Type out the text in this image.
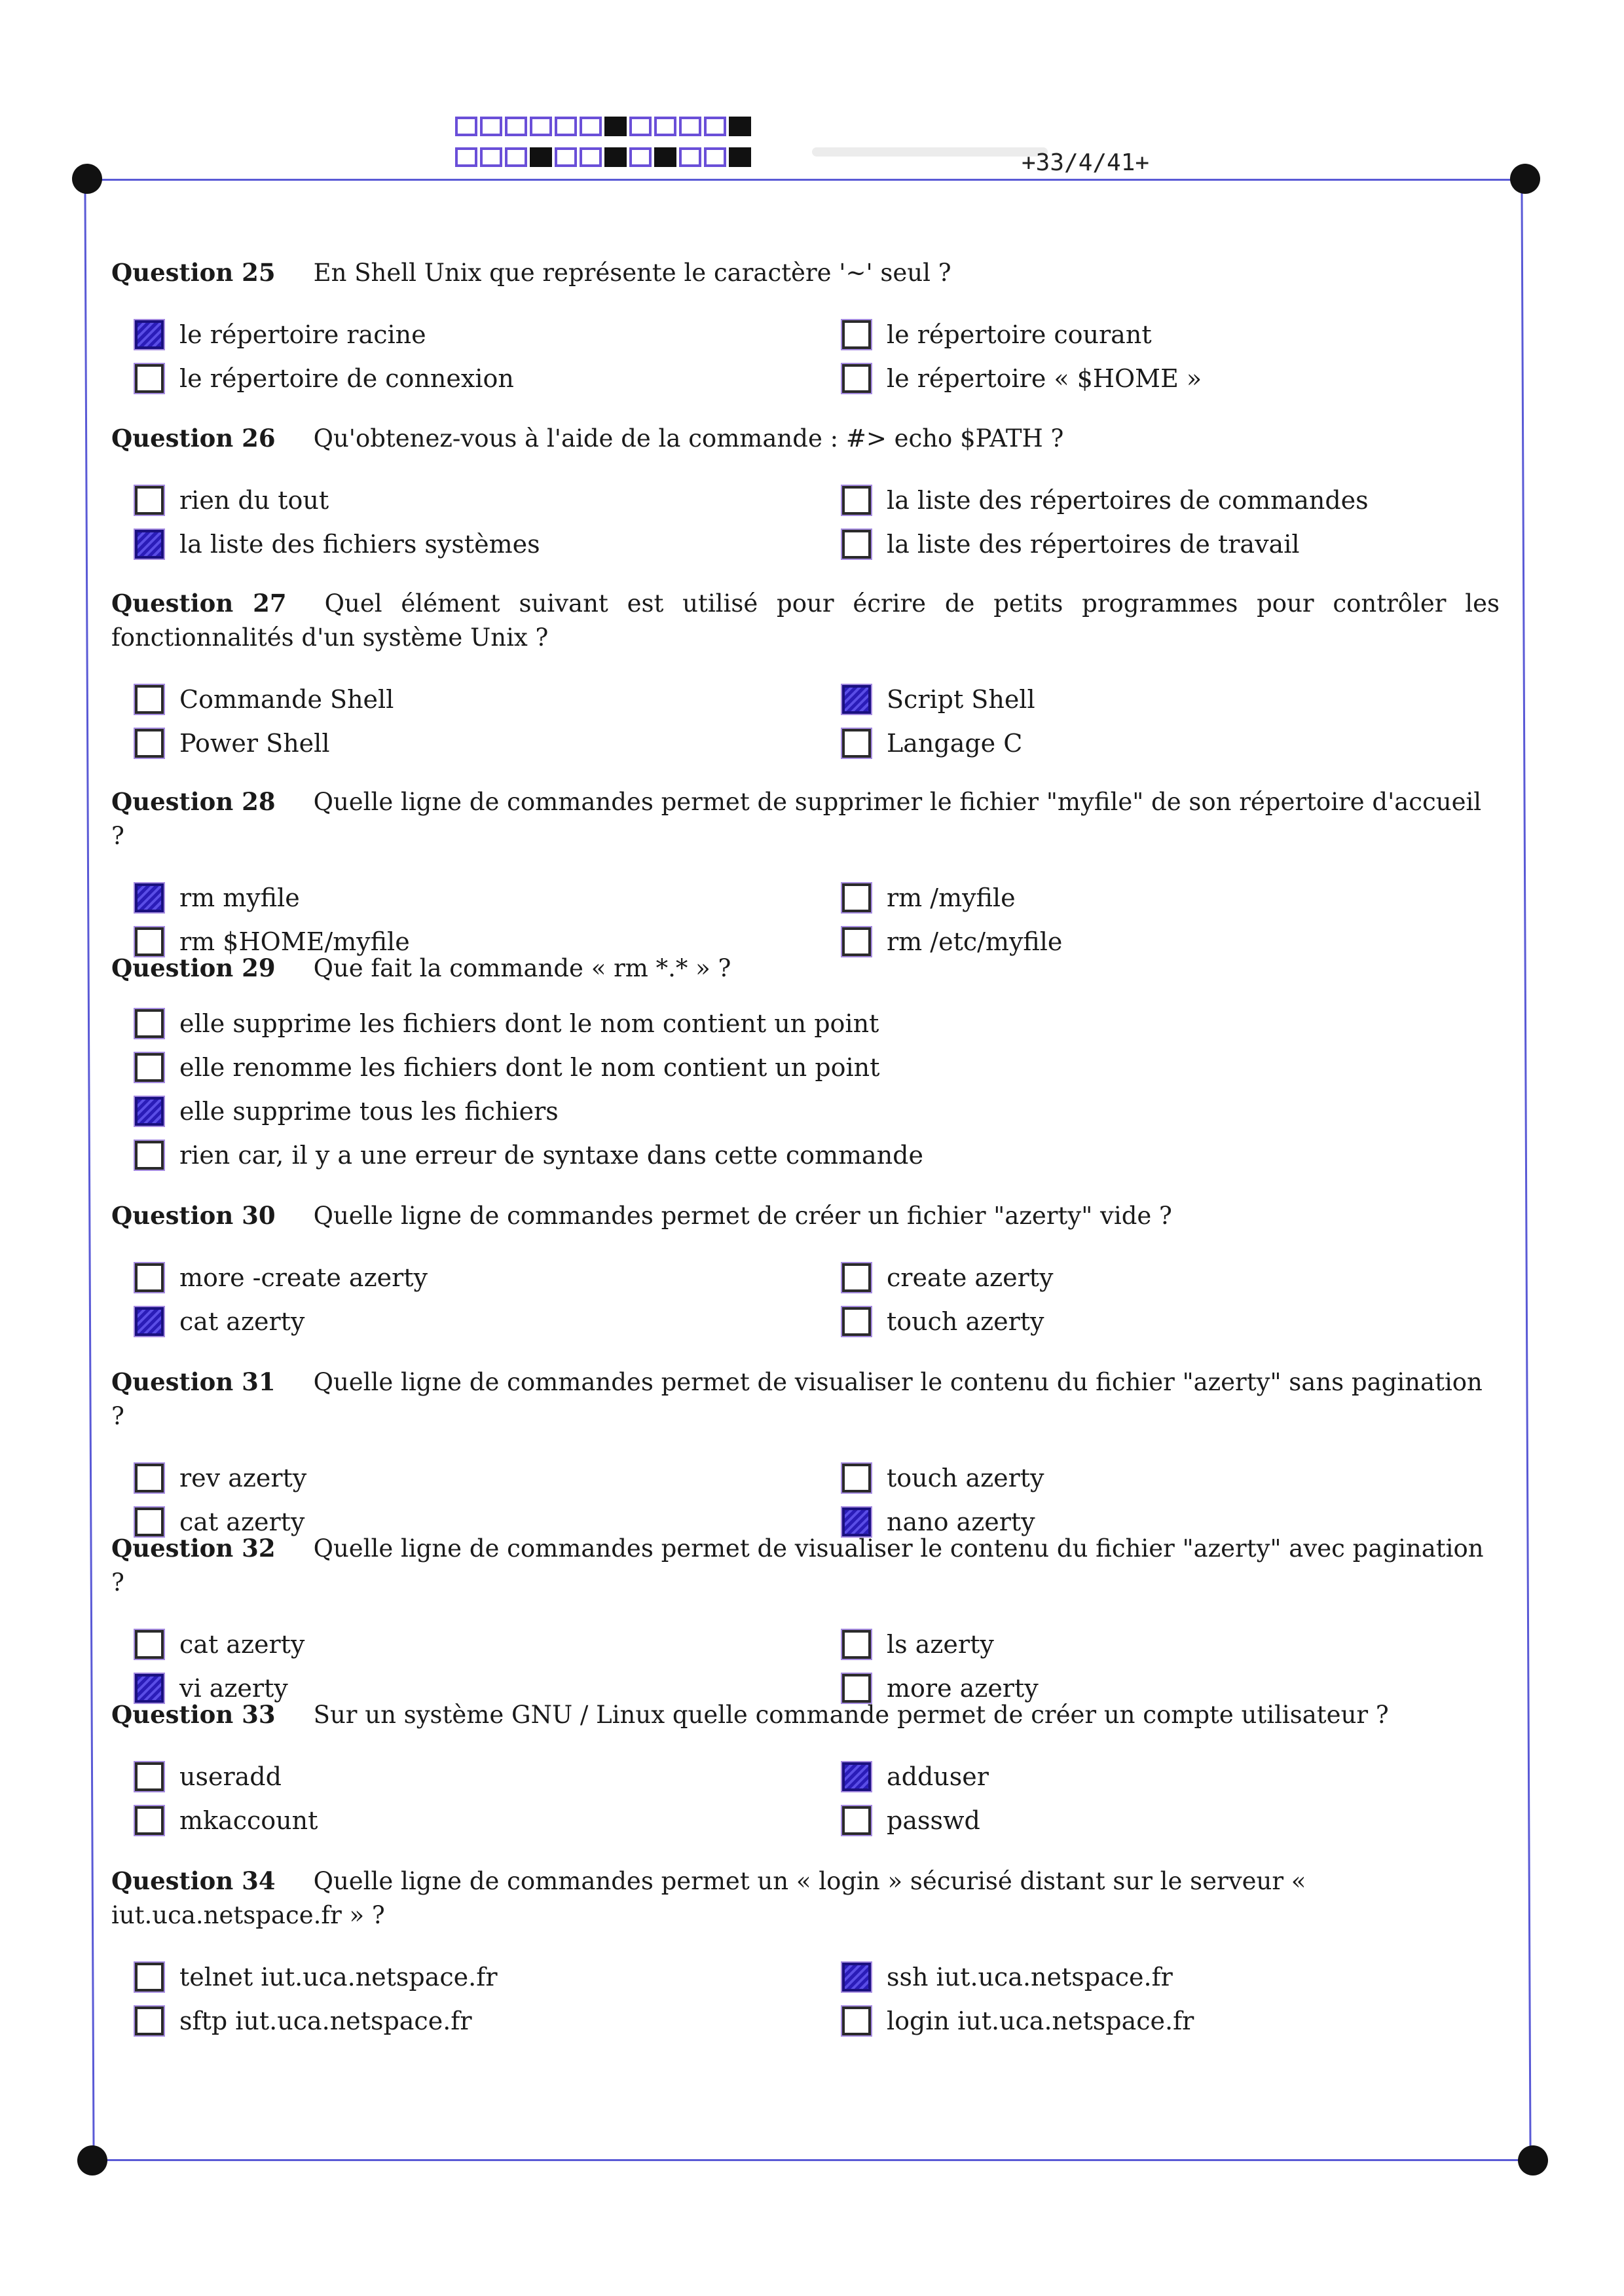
+33/4/41+
Question 25 En Shell Unix que représente le caractère '~' seul ?
le répertoire racine	le répertoire courant
le répertoire de connexion	le répertoire « $HOME »
Question 26 Qu'obtenez-vous à l'aide de la commande : #> echo $PATH ?
rien du tout	la liste des répertoires de commandes
la liste des fichiers systèmes	la liste des répertoires de travail
Question 27 Quel élément suivant est utilisé pour écrire de petits programmes pour contrôler les fonctionnalités d'un système Unix ?
Commande Shell	Script Shell
Power Shell	Langage C
Question 28 Quelle ligne de commandes permet de supprimer le fichier "myfile" de son répertoire d'accueil ?
rm myfile	rm /myfile
rm $HOME/myfile	rm /etc/myfile
Question 29 Que fait la commande « rm *.* » ?
elle supprime les fichiers dont le nom contient un point
elle renomme les fichiers dont le nom contient un point
elle supprime tous les fichiers
rien car, il y a une erreur de syntaxe dans cette commande
Question 30 Quelle ligne de commandes permet de créer un fichier "azerty" vide ?
more -create azerty	create azerty
cat azerty	touch azerty
Question 31 Quelle ligne de commandes permet de visualiser le contenu du fichier "azerty" sans pagination ?
rev azerty	touch azerty
cat azerty	nano azerty
Question 32 Quelle ligne de commandes permet de visualiser le contenu du fichier "azerty" avec pagination ?
cat azerty	ls azerty
vi azerty	more azerty
Question 33 Sur un système GNU / Linux quelle commande permet de créer un compte utilisateur ?
useradd	adduser
mkaccount	passwd
Question 34 Quelle ligne de commandes permet un « login » sécurisé distant sur le serveur « iut.uca.netspace.fr » ?
telnet iut.uca.netspace.fr	ssh iut.uca.netspace.fr
sftp iut.uca.netspace.fr	login iut.uca.netspace.fr
